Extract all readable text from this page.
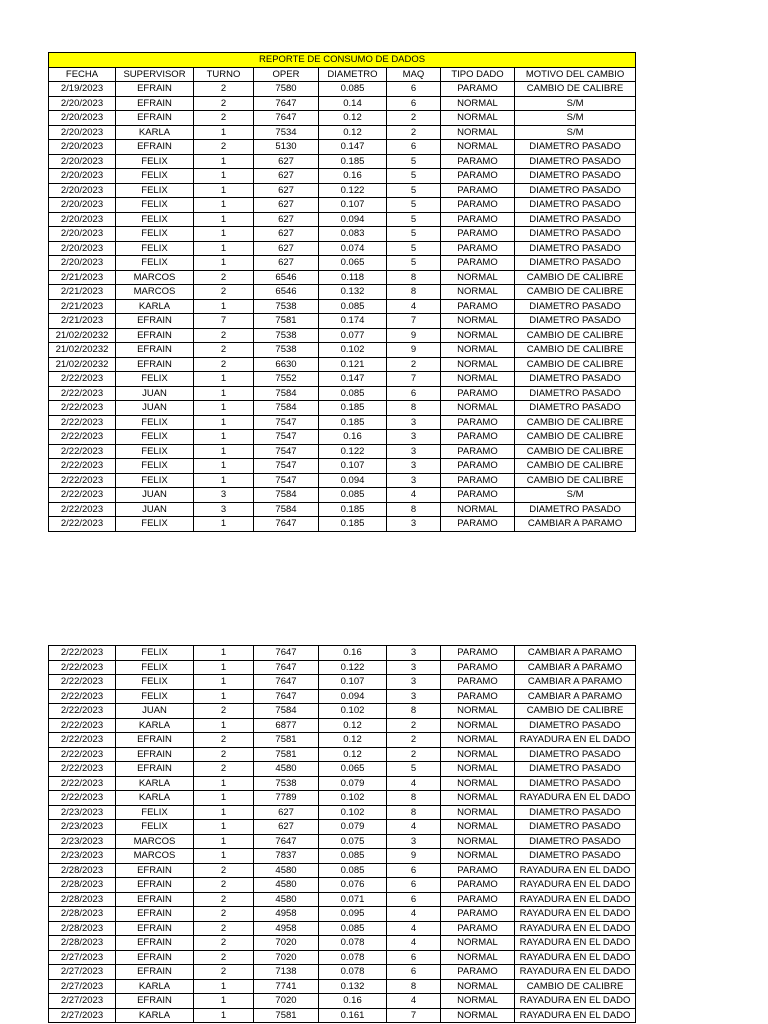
REPORTE DE CONSUMO DE DADOS							
FECHA	SUPERVISOR	TURNO	OPER	DIAMETRO	MAQ	TIPO DADO	MOTIVO DEL CAMBIO
2/19/2023	EFRAIN	2	7580	0.085	6	PARAMO	CAMBIO DE CALIBRE
2/20/2023	EFRAIN	2	7647	0.14	6	NORMAL	S/M
2/20/2023	EFRAIN	2	7647	0.12	2	NORMAL	S/M
2/20/2023	KARLA	1	7534	0.12	2	NORMAL	S/M
2/20/2023	EFRAIN	2	5130	0.147	6	NORMAL	DIAMETRO PASADO
2/20/2023	FELIX	1	627	0.185	5	PARAMO	DIAMETRO PASADO
2/20/2023	FELIX	1	627	0.16	5	PARAMO	DIAMETRO PASADO
2/20/2023	FELIX	1	627	0.122	5	PARAMO	DIAMETRO PASADO
2/20/2023	FELIX	1	627	0.107	5	PARAMO	DIAMETRO PASADO
2/20/2023	FELIX	1	627	0.094	5	PARAMO	DIAMETRO PASADO
2/20/2023	FELIX	1	627	0.083	5	PARAMO	DIAMETRO PASADO
2/20/2023	FELIX	1	627	0.074	5	PARAMO	DIAMETRO PASADO
2/20/2023	FELIX	1	627	0.065	5	PARAMO	DIAMETRO PASADO
2/21/2023	MARCOS	2	6546	0.118	8	NORMAL	CAMBIO DE CALIBRE
2/21/2023	MARCOS	2	6546	0.132	8	NORMAL	CAMBIO DE CALIBRE
2/21/2023	KARLA	1	7538	0.085	4	PARAMO	DIAMETRO PASADO
2/21/2023	EFRAIN	7	7581	0.174	7	NORMAL	DIAMETRO PASADO
21/02/20232	EFRAIN	2	7538	0.077	9	NORMAL	CAMBIO DE CALIBRE
21/02/20232	EFRAIN	2	7538	0.102	9	NORMAL	CAMBIO DE CALIBRE
21/02/20232	EFRAIN	2	6630	0.121	2	NORMAL	CAMBIO DE CALIBRE
2/22/2023	FELIX	1	7552	0.147	7	NORMAL	DIAMETRO PASADO
2/22/2023	JUAN	1	7584	0.085	6	PARAMO	DIAMETRO PASADO
2/22/2023	JUAN	1	7584	0.185	8	NORMAL	DIAMETRO PASADO
2/22/2023	FELIX	1	7547	0.185	3	PARAMO	CAMBIO DE CALIBRE
2/22/2023	FELIX	1	7547	0.16	3	PARAMO	CAMBIO DE CALIBRE
2/22/2023	FELIX	1	7547	0.122	3	PARAMO	CAMBIO DE CALIBRE
2/22/2023	FELIX	1	7547	0.107	3	PARAMO	CAMBIO DE CALIBRE
2/22/2023	FELIX	1	7547	0.094	3	PARAMO	CAMBIO DE CALIBRE
2/22/2023	JUAN	3	7584	0.085	4	PARAMO	S/M
2/22/2023	JUAN	3	7584	0.185	8	NORMAL	DIAMETRO PASADO
2/22/2023	FELIX	1	7647	0.185	3	PARAMO	CAMBIAR A PARAMO
2/22/2023	FELIX	1	7647	0.16	3	PARAMO	CAMBIAR A PARAMO
2/22/2023	FELIX	1	7647	0.122	3	PARAMO	CAMBIAR A PARAMO
2/22/2023	FELIX	1	7647	0.107	3	PARAMO	CAMBIAR A PARAMO
2/22/2023	FELIX	1	7647	0.094	3	PARAMO	CAMBIAR A PARAMO
2/22/2023	JUAN	2	7584	0.102	8	NORMAL	CAMBIO DE CALIBRE
2/22/2023	KARLA	1	6877	0.12	2	NORMAL	DIAMETRO PASADO
2/22/2023	EFRAIN	2	7581	0.12	2	NORMAL	RAYADURA EN EL DADO
2/22/2023	EFRAIN	2	7581	0.12	2	NORMAL	DIAMETRO PASADO
2/22/2023	EFRAIN	2	4580	0.065	5	NORMAL	DIAMETRO PASADO
2/22/2023	KARLA	1	7538	0.079	4	NORMAL	DIAMETRO PASADO
2/22/2023	KARLA	1	7789	0.102	8	NORMAL	RAYADURA EN EL DADO
2/23/2023	FELIX	1	627	0.102	8	NORMAL	DIAMETRO PASADO
2/23/2023	FELIX	1	627	0.079	4	NORMAL	DIAMETRO PASADO
2/23/2023	MARCOS	1	7647	0.075	3	NORMAL	DIAMETRO PASADO
2/23/2023	MARCOS	1	7837	0.085	9	NORMAL	DIAMETRO PASADO
2/28/2023	EFRAIN	2	4580	0.085	6	PARAMO	RAYADURA EN EL DADO
2/28/2023	EFRAIN	2	4580	0.076	6	PARAMO	RAYADURA EN EL DADO
2/28/2023	EFRAIN	2	4580	0.071	6	PARAMO	RAYADURA EN EL DADO
2/28/2023	EFRAIN	2	4958	0.095	4	PARAMO	RAYADURA EN EL DADO
2/28/2023	EFRAIN	2	4958	0.085	4	PARAMO	RAYADURA EN EL DADO
2/28/2023	EFRAIN	2	7020	0.078	4	NORMAL	RAYADURA EN EL DADO
2/27/2023	EFRAIN	2	7020	0.078	6	NORMAL	RAYADURA EN EL DADO
2/27/2023	EFRAIN	2	7138	0.078	6	PARAMO	RAYADURA EN EL DADO
2/27/2023	KARLA	1	7741	0.132	8	NORMAL	CAMBIO DE CALIBRE
2/27/2023	EFRAIN	1	7020	0.16	4	NORMAL	RAYADURA EN EL DADO
2/27/2023	KARLA	1	7581	0.161	7	NORMAL	RAYADURA EN EL DADO
